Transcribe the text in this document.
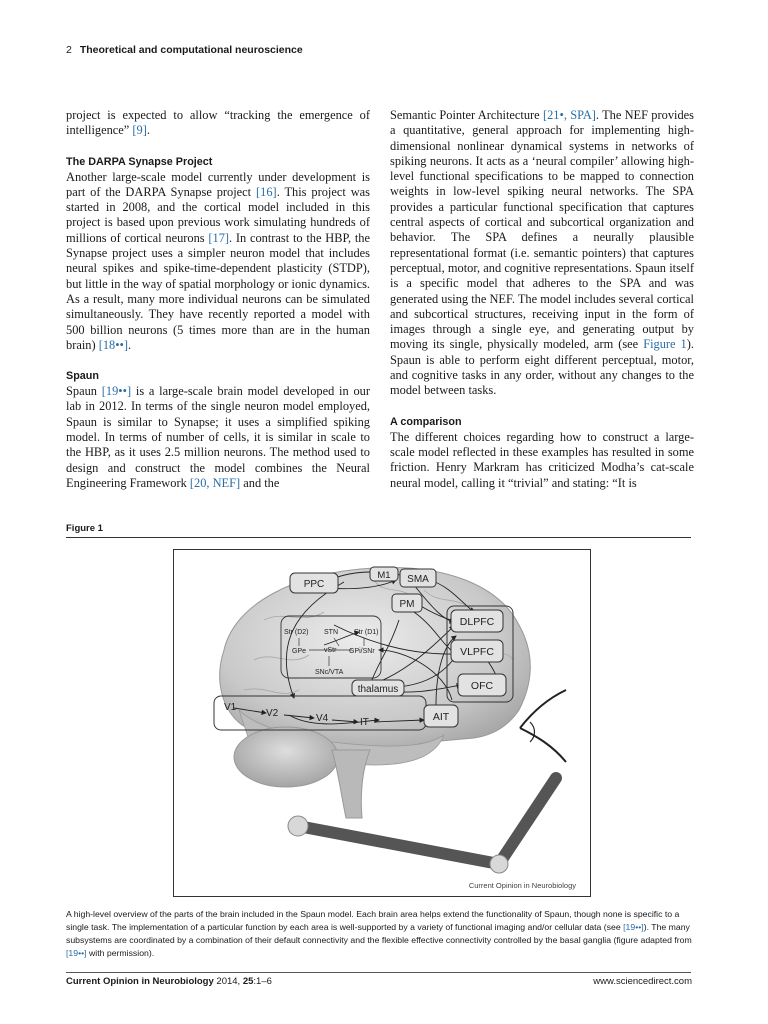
2 Theoretical and computational neuroscience

project is expected to allow “tracking the emergence of intelligence” [9].

The DARPA Synapse Project

Another large-scale model currently under development is part of the DARPA Synapse project [16]. This project was started in 2008, and the cortical model included in this project is based upon previous work simulating hundreds of millions of cortical neurons [17]. In contrast to the HBP, the Synapse project uses a simpler neuron model that includes neural spikes and spike-time-dependent plasticity (STDP), but little in the way of spatial morphology or ionic dynamics. As a result, many more individual neurons can be simulated simultaneously. They have recently reported a model with 500 billion neurons (5 times more than are in the human brain) [18••].

Spaun

Spaun [19••] is a large-scale brain model developed in our lab in 2012. In terms of the single neuron model employed, Spaun is similar to Synapse; it uses a simplified spiking model. In terms of number of cells, it is similar in scale to the HBP, as it uses 2.5 million neurons. The method used to design and construct the model combines the Neural Engineering Framework [20, NEF] and the

Semantic Pointer Architecture [21•, SPA]. The NEF provides a quantitative, general approach for implementing high-dimensional nonlinear dynamical systems in networks of spiking neurons. It acts as a ‘neural compiler’ allowing high-level functional specifications to be mapped to connection weights in low-level spiking neural networks. The SPA provides a particular functional specification that captures central aspects of cortical and subcortical organization and behavior. The SPA defines a neurally plausible representational format (i.e. semantic pointers) that captures perceptual, motor, and cognitive representations. Spaun itself is a specific model that adheres to the SPA and was generated using the NEF. The model includes several cortical and subcortical structures, receiving input in the form of images through a single eye, and generating output by moving its single, physically modeled, arm (see Figure 1). Spaun is able to perform eight different perceptual, motor, and cognitive tasks in any order, without any changes to the model between tasks.

A comparison

The different choices regarding how to construct a large-scale model reflected in these examples has resulted in some friction. Henry Markram has criticized Modha’s cat-scale neural model, calling it “trivial” and stating: “It is

Figure 1
Str (D2) STN Str (D1)
GPe	vStr GPi/SNr
SNc/VTA
PPC
M1 SMA
PM
DLPFC
VLPFC
OFC
thalamus
V1
V2	V4	IT	AIT
Current Opinion in Neurobiology
A high-level overview of the parts of the brain included in the Spaun model. Each brain area helps extend the functionality of Spaun, though none is specific to a single task. The implementation of a particular function by each area is well-supported by a variety of functional imaging and/or cellular data (see [19••]). The many subsystems are coordinated by a combination of their default connectivity and the flexible effective connectivity controlled by the basal ganglia (figure adapted from [19••] with permission).
Current Opinion in Neurobiology 2014, 25:1–6	www.sciencedirect.com
